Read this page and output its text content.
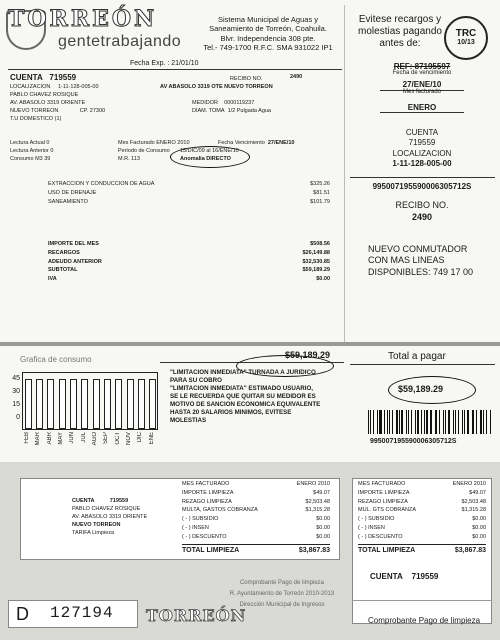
TORREÓN
gentetrabajando
Sistema Municipal de Aguas y
Saneamiento de Torreón, Coahuila.
Blvr. Independencia 308 pte.
Tel.- 749-1700 R.F.C. SMA 931022 IP1
Evitese recargos y
molestias pagando
antes de:
TRC
10/13
Fecha Exp. : 21/01/10
CUENTA 719559	RECIBO NO.	2490
LOCALIZACION 1-11-128-005-00
PABLO CHAVEZ ROSIQUE
AV. ABASOLO 3319 ORIENTE
NUEVO TORREON	CP. 27300
T.U DOMESTICO (1)
AV ABASOLO 3319 OTE NUEVO TORREON
MEDIDOR 0000119237
DIAM. TOMA 1/2 Pulgada Agua
Lectura Actual 0
Lectura Anterior 0
Consumo M3 39
Mes Facturado ENERO 2010
Periodo de Consumo
M.R. 113
Fecha Vencimiento 27/ENE/10
15/DIC/09 al 16/ENE/10
Anomalia DIRECTO
EXTRACCION Y CONDUCCION DE AGUA	$325.26
USO DE DRENAJE	$81.51
SANEAMIENTO	$101.79
IMPORTE DEL MES	$508.56
RECARGOS	$26,149.88
ADEUDO ANTERIOR	$32,530.85
SUBTOTAL	$59,189.29
IVA	$0.00
REF: 87195597
Fecha de vencimiento
27/ENE/10
Mes facturado
ENERO
CUENTA
719559
LOCALIZACION
1-11-128-005-00
995007195590006305712S
RECIBO NO.
2490
NUEVO CONMUTADOR
CON MAS LINEAS
DISPONIBLES: 749 17 00
Grafica de consumo	$59,189.29	Total a pagar
45
30
15
0
FEB MAR ABR MAY JUN JUL AGO SEP OCT NOV DIC ENE
"LIMITACION INMEDIATA" TURNADA A JURIDICO
PARA SU COBRO
"LIMITACION INMEDIATA" ESTIMADO USUARIO,
SE LE RECUERDA QUE QUITAR SU MEDIDOR ES
MOTIVO DE SANCION ECONOMICA EQUIVALENTE
HASTA 20 SALARIOS MINIMOS, EVITESE
MOLESTIAS
$59,189.29
995007195590006305712S
CUENTA	719559
PABLO CHAVEZ ROSIQUE
AV. ABASOLO 3319 ORIENTE
NUEVO TORREON
TARIFA Limpieza
MES FACTURADO	ENERO 2010
IMPORTE LIMPIEZA	$49.07
REZAGO LIMPIEZA	$2,503.48
MULTA, GASTOS COBRANZA	$1,315.28
( - ) SUBSIDIO	$0.00
( - ) INSEN	$0.00
( - ) DESCUENTO	$0.00
TOTAL LIMPIEZA	$3,867.83
MES FACTURADO	ENERO 2010
IMPORTE LIMPIEZA	$49.07
REZAGO LIMPIEZA	$2,503.48
MUL. GTS COBRANZA	$1,315.28
( - ) SUBSIDIO	$0.00
( - ) INSEN	$0.00
( - ) DESCUENTO	$0.00
TOTAL LIMPIEZA	$3,867.83
CUENTA 719559
Comprobante Pago de limpieza
D 127194 TORREÓN
Comprobante Pago de limpieza
R. Ayuntamiento de Torreón 2010-2013
Dirección Municipal de Ingresos
